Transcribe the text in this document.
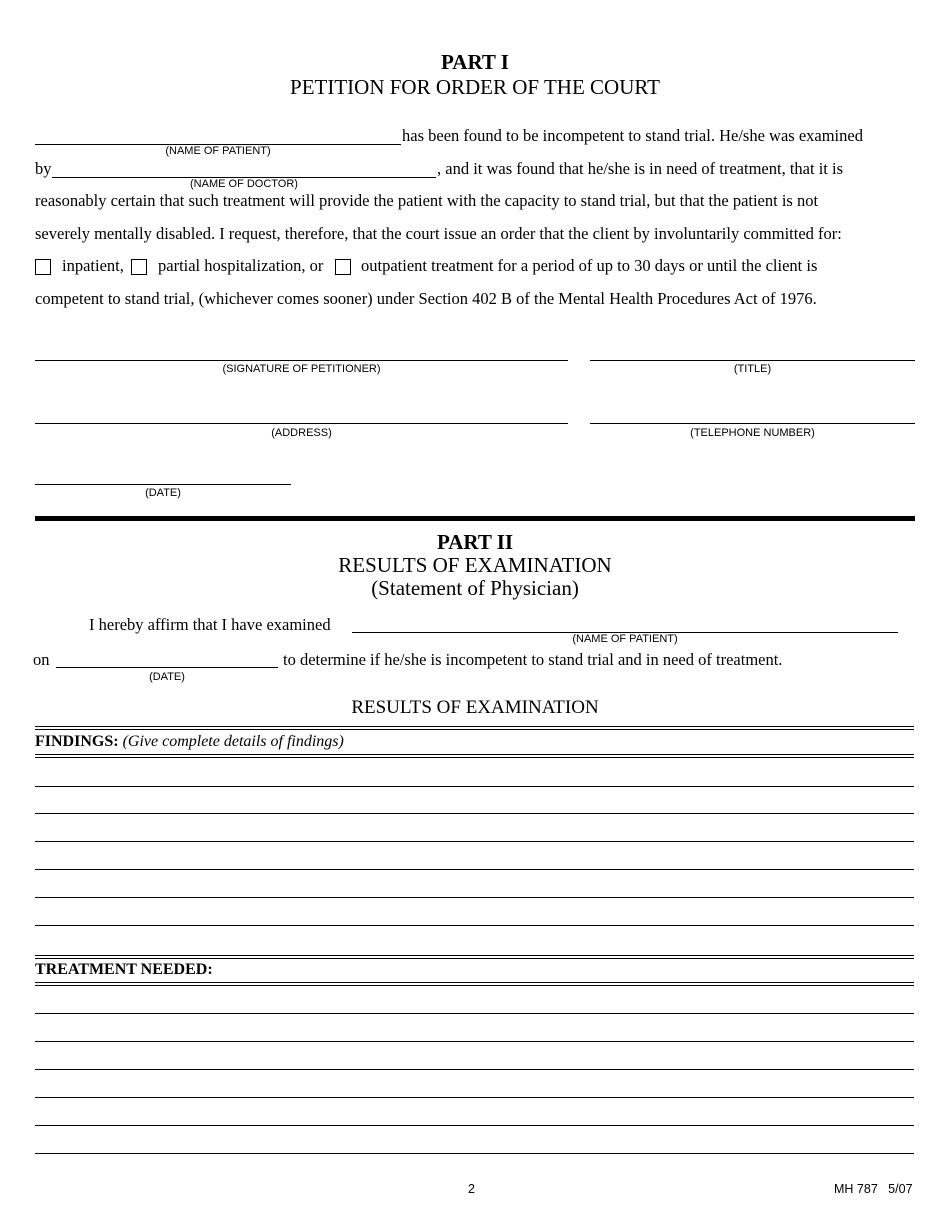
PART I
PETITION FOR ORDER OF THE COURT
has been found to be incompetent to stand trial. He/she was examined
(NAME OF PATIENT)
by	, and it was found that he/she is in need of treatment, that it is
(NAME OF DOCTOR)
reasonably certain that such treatment will provide the patient with the capacity to stand trial, but that the patient is not
severely mentally disabled. I request, therefore, that the court issue an order that the client by involuntarily committed for:
inpatient, partial hospitalization, or outpatient treatment for a period of up to 30 days or until the client is
competent to stand trial, (whichever comes sooner) under Section 402 B of the Mental Health Procedures Act of 1976.
(SIGNATURE OF PETITIONER)	(TITLE)
(ADDRESS)	(TELEPHONE NUMBER)
(DATE)
PART II
RESULTS OF EXAMINATION
(Statement of Physician)
I hereby affirm that I have examined
(NAME OF PATIENT)
on	to determine if he/she is incompetent to stand trial and in need of treatment.
(DATE)
RESULTS OF EXAMINATION
FINDINGS: (Give complete details of findings)
TREATMENT NEEDED:
2	MH 787   5/07
